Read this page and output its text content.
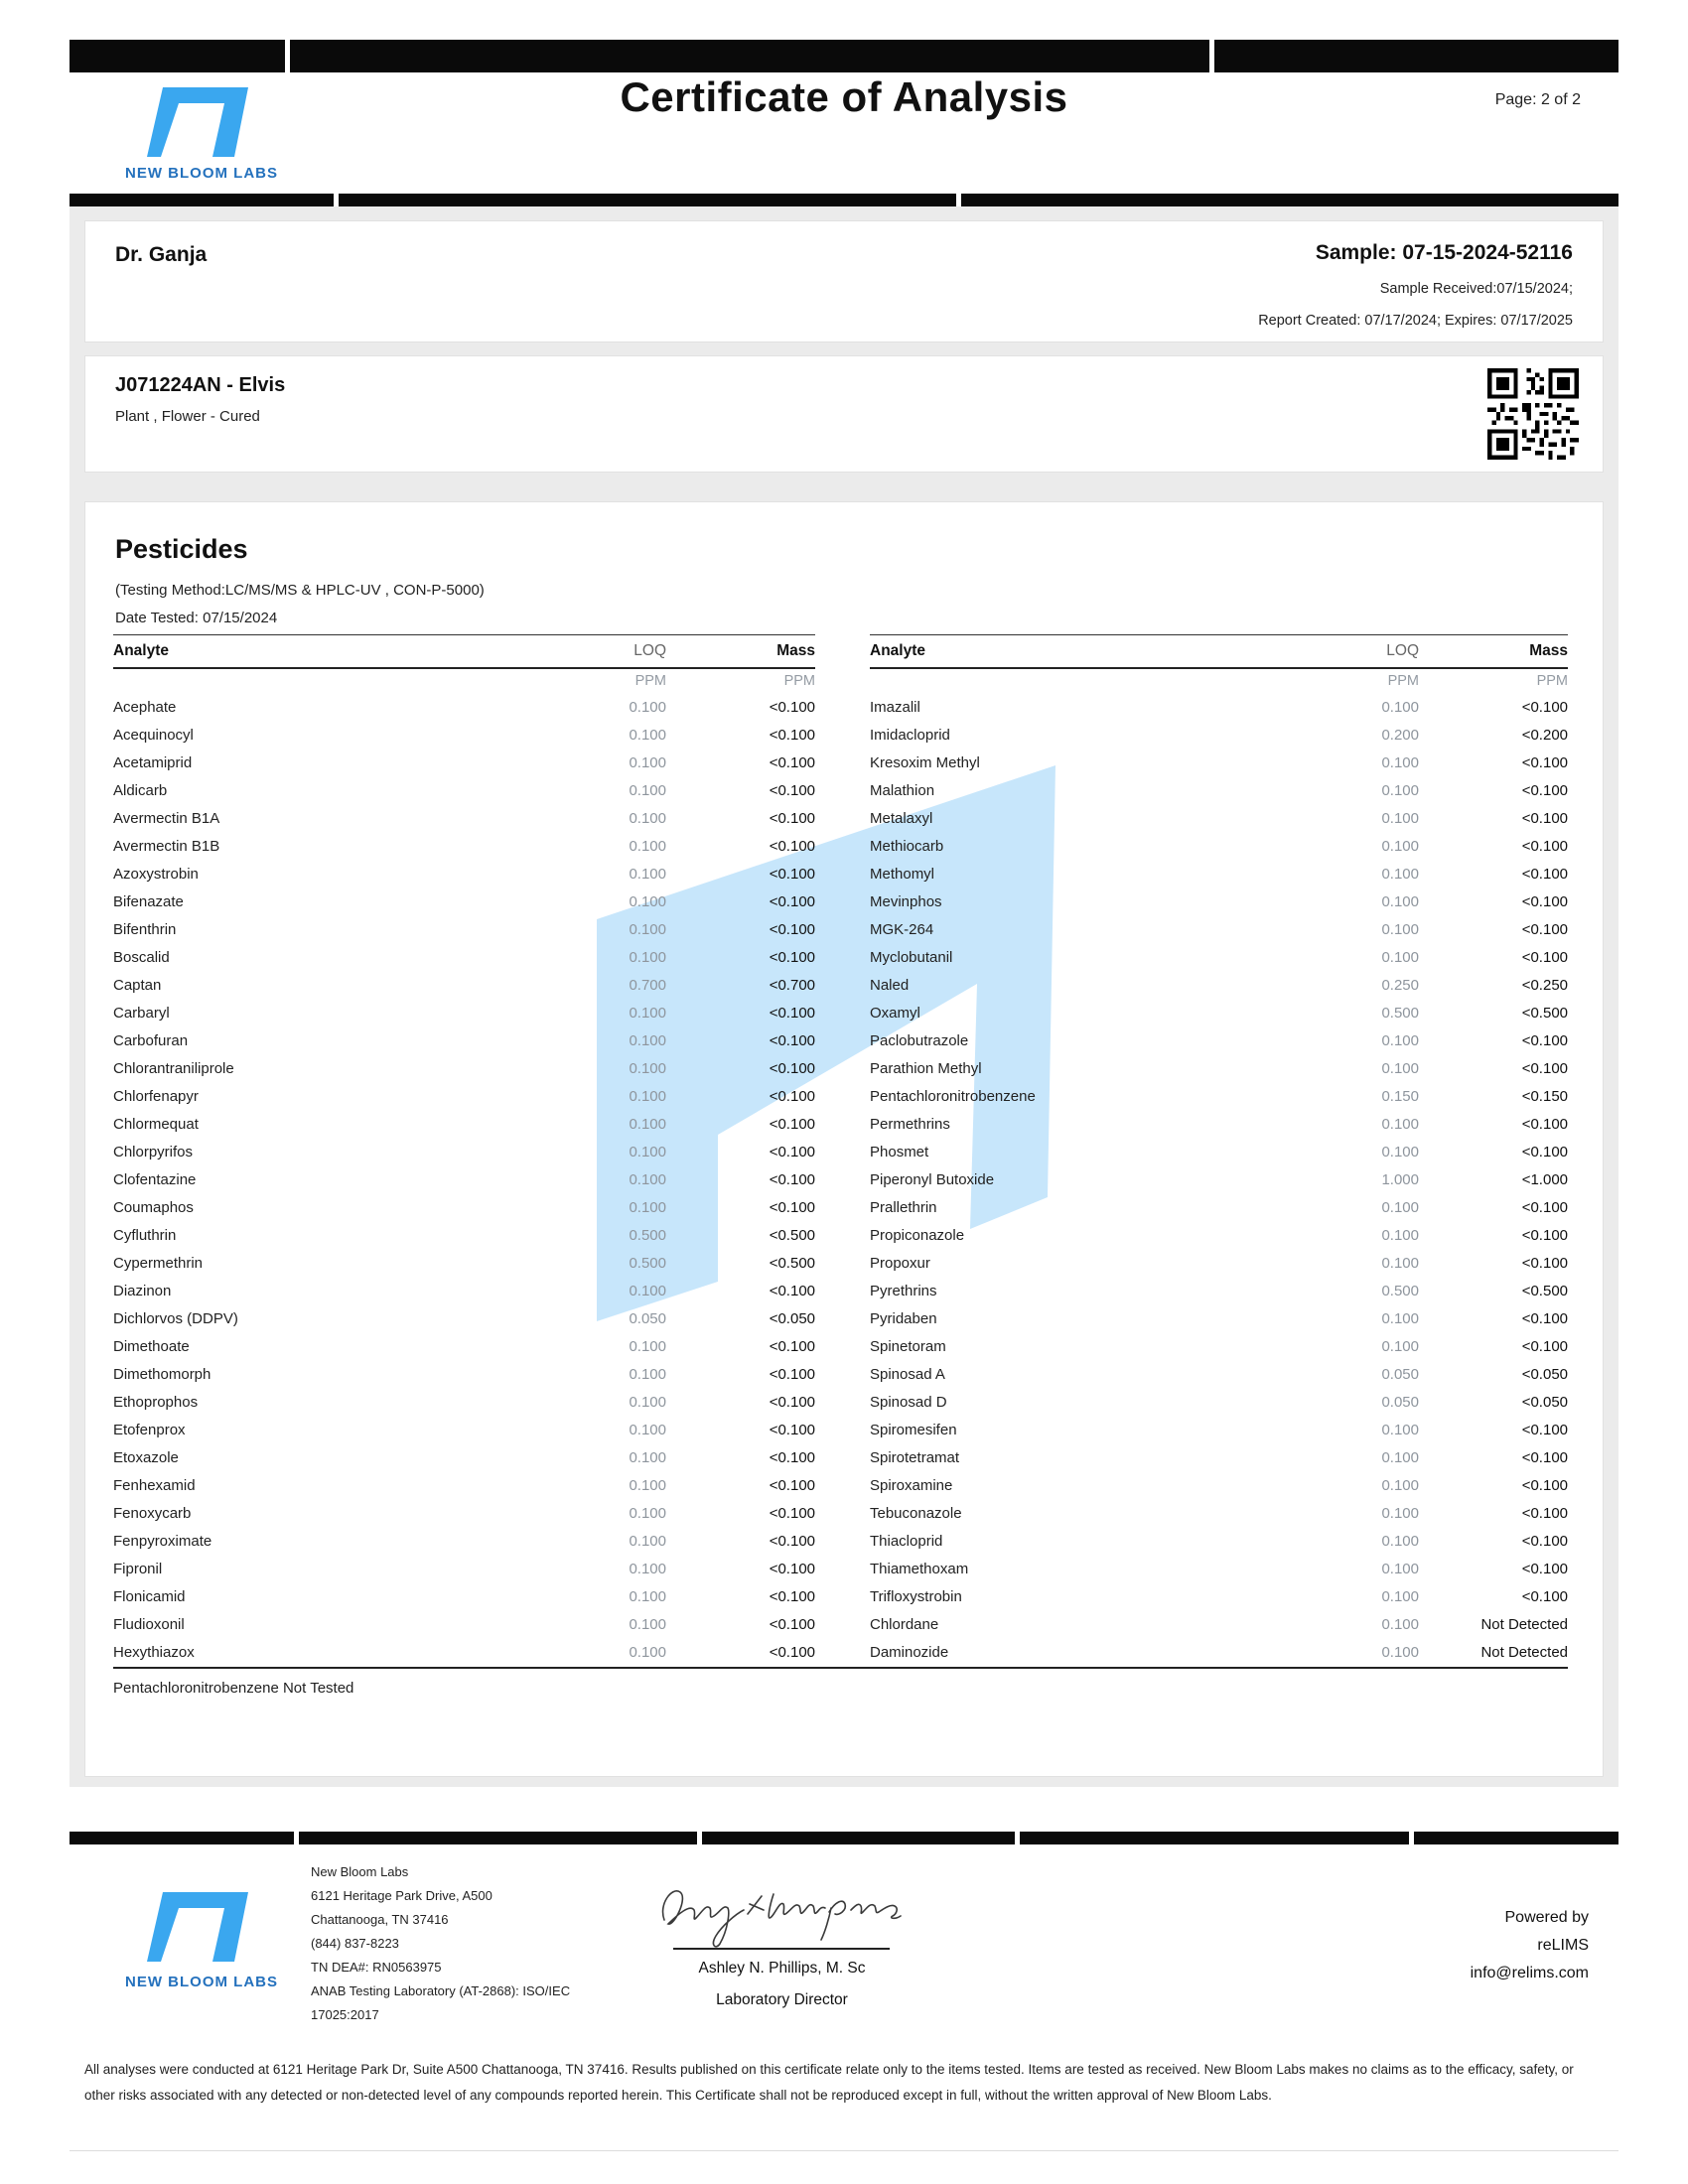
NEW BLOOM LABS
Certificate of Analysis	Page: 2 of 2
Dr. Ganja	Sample: 07-15-2024-52116
Sample Received:07/15/2024;
Report Created: 07/17/2024; Expires: 07/17/2025
J071224AN - Elvis
Plant , Flower - Cured
Pesticides
(Testing Method:LC/MS/MS & HPLC-UV , CON-P-5000)
Date Tested: 07/15/2024
Analyte	LOQ	Mass
PPM	PPM
Acephate	0.100	<0.100
Acequinocyl	0.100	<0.100
Acetamiprid	0.100	<0.100
Aldicarb	0.100	<0.100
Avermectin B1A	0.100	<0.100
Avermectin B1B	0.100	<0.100
Azoxystrobin	0.100	<0.100
Bifenazate	0.100	<0.100
Bifenthrin	0.100	<0.100
Boscalid	0.100	<0.100
Captan	0.700	<0.700
Carbaryl	0.100	<0.100
Carbofuran	0.100	<0.100
Chlorantraniliprole	0.100	<0.100
Chlorfenapyr	0.100	<0.100
Chlormequat	0.100	<0.100
Chlorpyrifos	0.100	<0.100
Clofentazine	0.100	<0.100
Coumaphos	0.100	<0.100
Cyfluthrin	0.500	<0.500
Cypermethrin	0.500	<0.500
Diazinon	0.100	<0.100
Dichlorvos (DDPV)	0.050	<0.050
Dimethoate	0.100	<0.100
Dimethomorph	0.100	<0.100
Ethoprophos	0.100	<0.100
Etofenprox	0.100	<0.100
Etoxazole	0.100	<0.100
Fenhexamid	0.100	<0.100
Fenoxycarb	0.100	<0.100
Fenpyroximate	0.100	<0.100
Fipronil	0.100	<0.100
Flonicamid	0.100	<0.100
Fludioxonil	0.100	<0.100
Hexythiazox	0.100	<0.100
Analyte	LOQ	Mass
PPM	PPM
Imazalil	0.100	<0.100
Imidacloprid	0.200	<0.200
Kresoxim Methyl	0.100	<0.100
Malathion	0.100	<0.100
Metalaxyl	0.100	<0.100
Methiocarb	0.100	<0.100
Methomyl	0.100	<0.100
Mevinphos	0.100	<0.100
MGK-264	0.100	<0.100
Myclobutanil	0.100	<0.100
Naled	0.250	<0.250
Oxamyl	0.500	<0.500
Paclobutrazole	0.100	<0.100
Parathion Methyl	0.100	<0.100
Pentachloronitrobenzene	0.150	<0.150
Permethrins	0.100	<0.100
Phosmet	0.100	<0.100
Piperonyl Butoxide	1.000	<1.000
Prallethrin	0.100	<0.100
Propiconazole	0.100	<0.100
Propoxur	0.100	<0.100
Pyrethrins	0.500	<0.500
Pyridaben	0.100	<0.100
Spinetoram	0.100	<0.100
Spinosad A	0.050	<0.050
Spinosad D	0.050	<0.050
Spiromesifen	0.100	<0.100
Spirotetramat	0.100	<0.100
Spiroxamine	0.100	<0.100
Tebuconazole	0.100	<0.100
Thiacloprid	0.100	<0.100
Thiamethoxam	0.100	<0.100
Trifloxystrobin	0.100	<0.100
Chlordane	0.100	Not Detected
Daminozide	0.100	Not Detected
Pentachloronitrobenzene Not Tested
NEW BLOOM LABS
New Bloom Labs
6121 Heritage Park Drive, A500
Chattanooga, TN 37416
(844) 837-8223
TN DEA#: RN0563975
ANAB Testing Laboratory (AT-2868): ISO/IEC
17025:2017
Ashley N. Phillips, M. Sc
Laboratory Director
Powered by
reLIMS
info@relims.com
All analyses were conducted at 6121 Heritage Park Dr, Suite A500 Chattanooga, TN 37416. Results published on this certificate relate only to the items tested. Items are tested as received. New Bloom Labs makes no claims as to the efficacy, safety, or other risks associated with any detected or non-detected level of any compounds reported herein. This Certificate shall not be reproduced except in full, without the written approval of New Bloom Labs.
